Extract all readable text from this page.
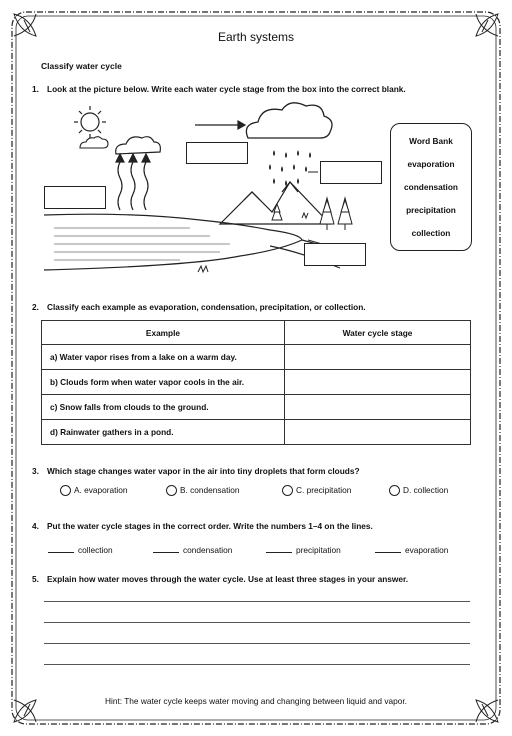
Earth systems
Classify water cycle
1. Look at the picture below. Write each water cycle stage from the box into the correct blank.
Word Bank
evaporation
condensation
precipitation
collection
2. Classify each example as evaporation, condensation, precipitation, or collection.
Example	Water cycle stage
a) Water vapor rises from a lake on a warm day.	
b) Clouds form when water vapor cools in the air.	
c) Snow falls from clouds to the ground.	
d) Rainwater gathers in a pond.	
3. Which stage changes water vapor in the air into tiny droplets that form clouds?
A. evaporation	B. condensation	C. precipitation	D. collection
4. Put the water cycle stages in the correct order. Write the numbers 1–4 on the lines.
collection	condensation	precipitation	evaporation
5. Explain how water moves through the water cycle. Use at least three stages in your answer.
Hint: The water cycle keeps water moving and changing between liquid and vapor.
